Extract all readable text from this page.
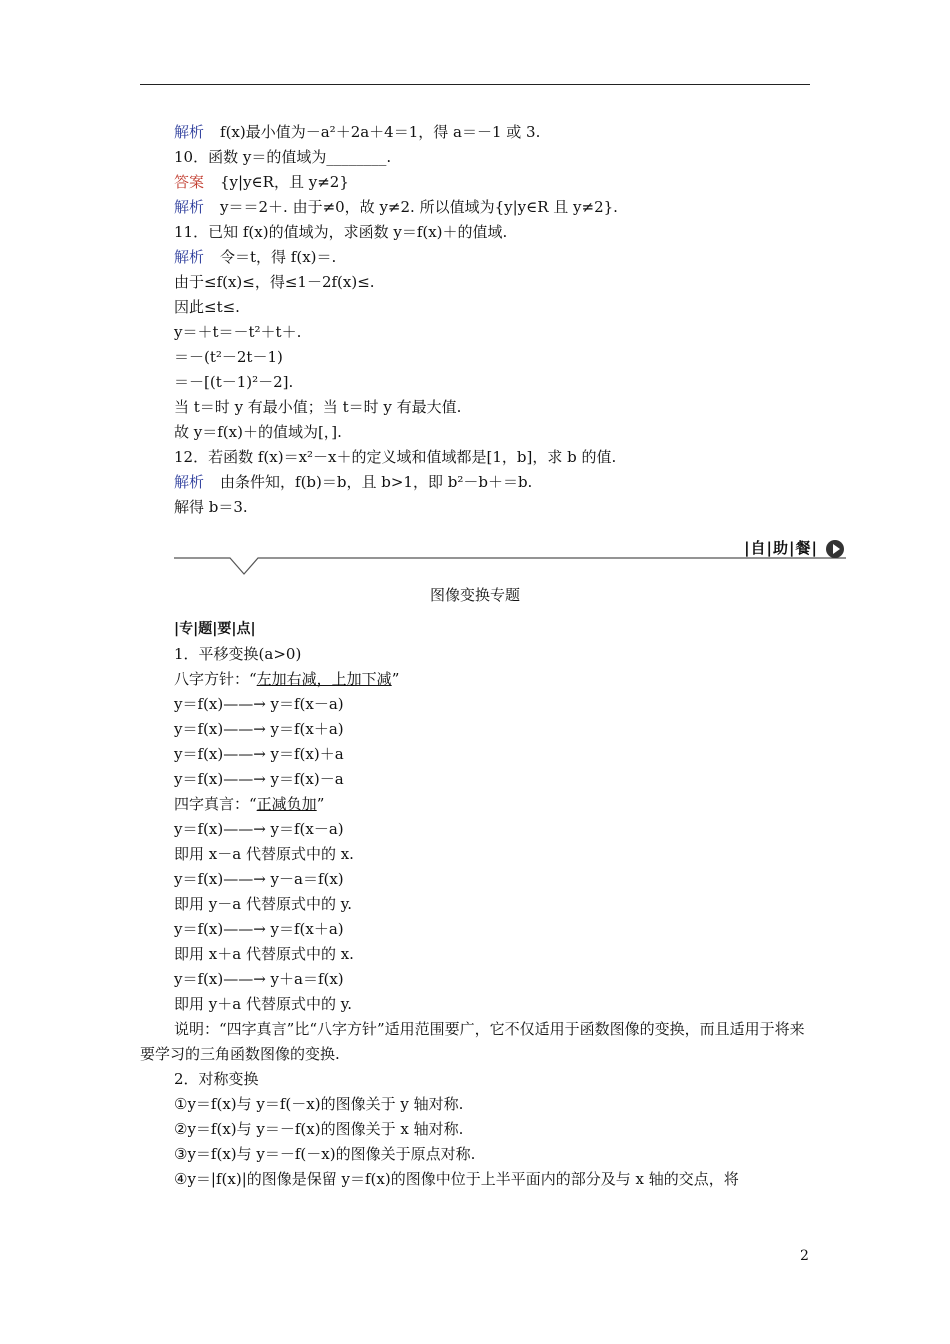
解析 f(x)最小值为－a²＋2a＋4＝1，得 a＝－1 或 3.
10．函数 y＝的值域为________.
答案 {y|y∈R，且 y≠2}
解析 y＝＝2＋. 由于≠0，故 y≠2. 所以值域为{y|y∈R 且 y≠2}.
11．已知 f(x)的值域为，求函数 y＝f(x)＋的值域.
解析 令＝t，得 f(x)＝.
由于≤f(x)≤，得≤1－2f(x)≤.
因此≤t≤.
y＝＋t＝－t²＋t＋.
＝－(t²－2t－1)
＝－[(t－1)²－2].
当 t＝时 y 有最小值；当 t＝时 y 有最大值.
故 y＝f(x)＋的值域为[，].
12．若函数 f(x)＝x²－x＋的定义域和值域都是[1，b]，求 b 的值.
解析 由条件知，f(b)＝b，且 b>1，即 b²－b＋＝b.
解得 b＝3.
|自|助|餐|
图像变换专题
|专|题|要|点|
1．平移变换(a>0)
八字方针：“左加右减，上加下减”
y＝f(x)——→ y＝f(x－a)
y＝f(x)——→ y＝f(x＋a)
y＝f(x)——→ y＝f(x)＋a
y＝f(x)——→ y＝f(x)－a
四字真言：“正减负加”
y＝f(x)——→ y＝f(x－a)
即用 x－a 代替原式中的 x.
y＝f(x)——→ y－a＝f(x)
即用 y－a 代替原式中的 y.
y＝f(x)——→ y＝f(x＋a)
即用 x＋a 代替原式中的 x.
y＝f(x)——→ y＋a＝f(x)
即用 y＋a 代替原式中的 y.
说明：“四字真言”比“八字方针”适用范围要广，它不仅适用于函数图像的变换，而且适用于将来要学习的三角函数图像的变换.
2．对称变换
①y＝f(x)与 y＝f(－x)的图像关于 y 轴对称.
②y＝f(x)与 y＝－f(x)的图像关于 x 轴对称.
③y＝f(x)与 y＝－f(－x)的图像关于原点对称.
④y＝|f(x)|的图像是保留 y＝f(x)的图像中位于上半平面内的部分及与 x 轴的交点，将
2
